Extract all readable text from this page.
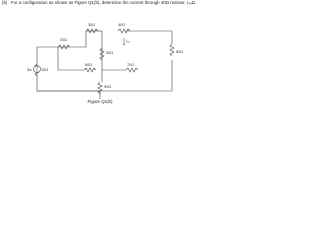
(b) For a configuration as shown as Figure Q1(b), determine the current through 40Ω resistor, I₄₀Ω.
30Ω	40Ω
20Ω
60Ω
50Ω
70Ω
10Ω
90Ω
80Ω
5A
I₄₀
Figure Q1(b)
